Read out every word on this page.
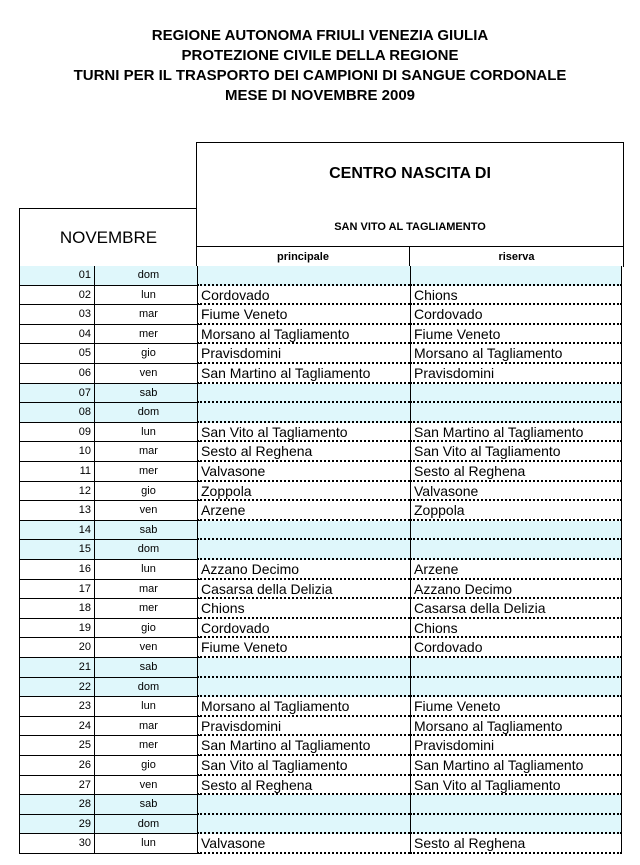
REGIONE AUTONOMA FRIULI VENEZIA GIULIA
PROTEZIONE CIVILE DELLA REGIONE
TURNI PER IL TRASPORTO DEI CAMPIONI DI SANGUE CORDONALE
MESE DI NOVEMBRE 2009
CENTRO NASCITA DI
SAN VITO AL TAGLIAMENTO
principale	riserva
NOVEMBRE
01	dom
02	lun	Cordovado	Chions
03	mar	Fiume Veneto	Cordovado
04	mer	Morsano al Tagliamento	Fiume Veneto
05	gio	Pravisdomini	Morsano al Tagliamento
06	ven	San Martino al Tagliamento	Pravisdomini
07	sab
08	dom
09	lun	San Vito al Tagliamento	San Martino al Tagliamento
10	mar	Sesto al Reghena	San Vito al Tagliamento
11	mer	Valvasone	Sesto al Reghena
12	gio	Zoppola	Valvasone
13	ven	Arzene	Zoppola
14	sab
15	dom
16	lun	Azzano Decimo	Arzene
17	mar	Casarsa della Delizia	Azzano Decimo
18	mer	Chions	Casarsa della Delizia
19	gio	Cordovado	Chions
20	ven	Fiume Veneto	Cordovado
21	sab
22	dom
23	lun	Morsano al Tagliamento	Fiume Veneto
24	mar	Pravisdomini	Morsano al Tagliamento
25	mer	San Martino al Tagliamento	Pravisdomini
26	gio	San Vito al Tagliamento	San Martino al Tagliamento
27	ven	Sesto al Reghena	San Vito al Tagliamento
28	sab
29	dom
30	lun	Valvasone	Sesto al Reghena
